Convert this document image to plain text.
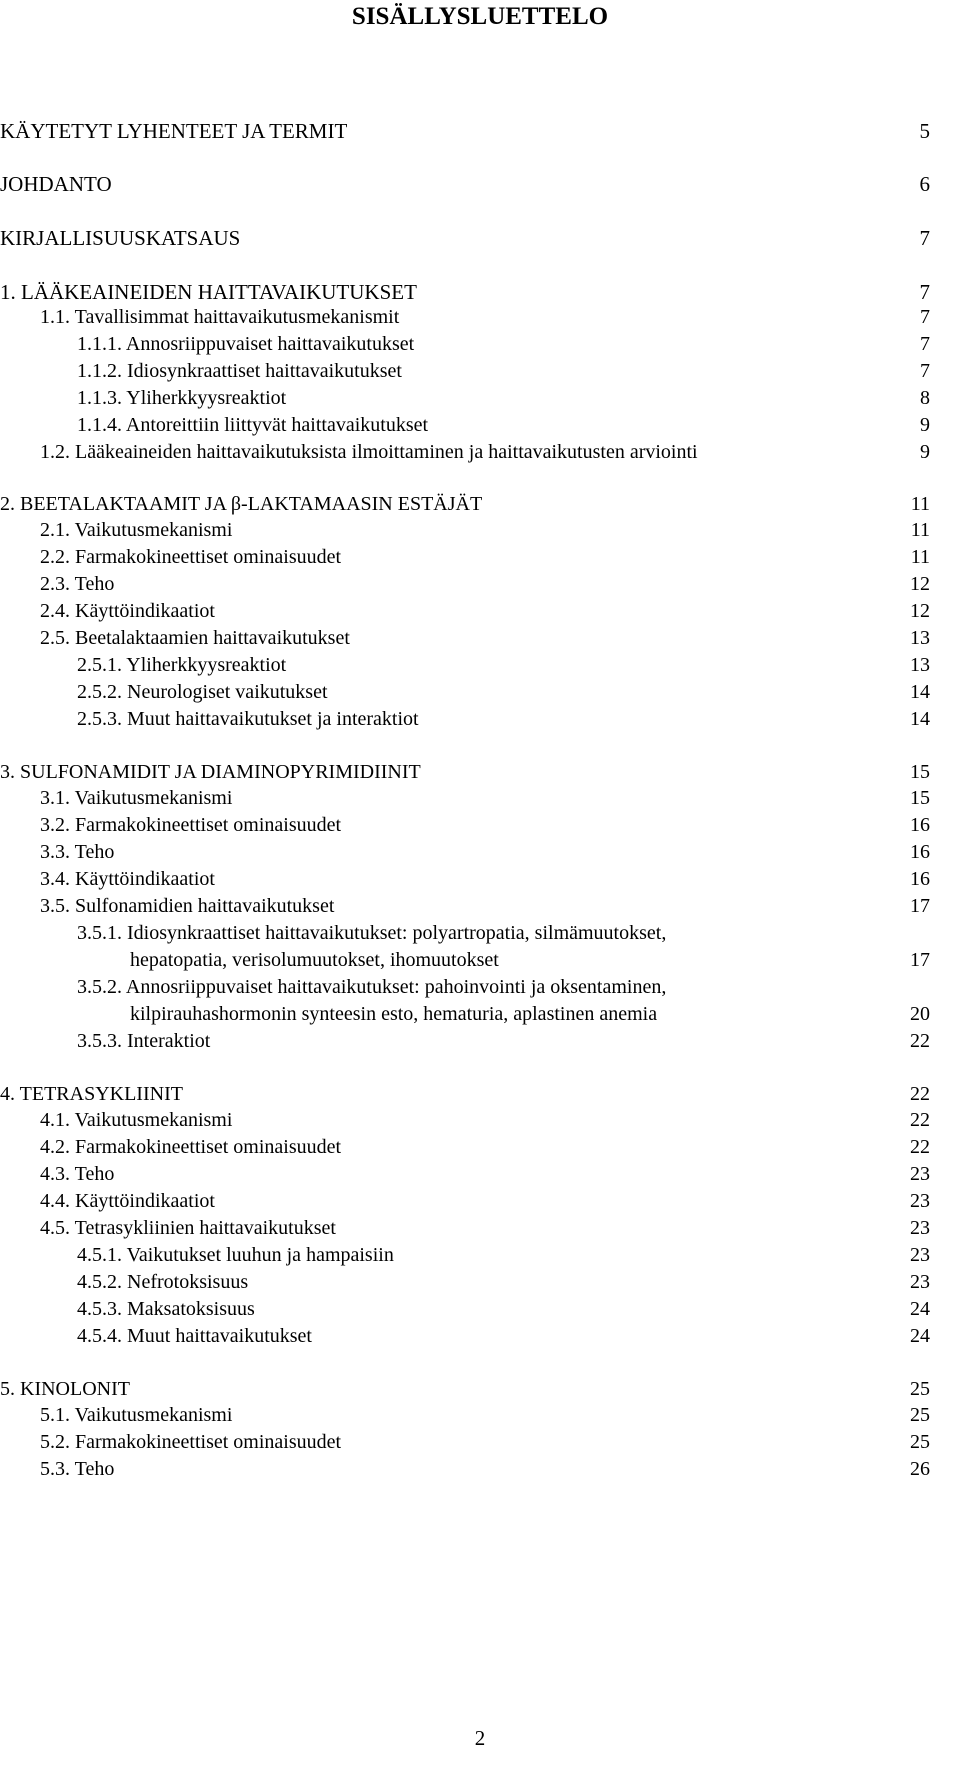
SISÄLLYSLUETTELO
KÄYTETYT LYHENTEET JA TERMIT	5
JOHDANTO	6
KIRJALLISUUSKATSAUS	7
1. LÄÄKEAINEIDEN HAITTAVAIKUTUKSET	7
1.1. Tavallisimmat haittavaikutusmekanismit	7
1.1.1. Annosriippuvaiset haittavaikutukset	7
1.1.2. Idiosynkraattiset haittavaikutukset	7
1.1.3. Yliherkkyysreaktiot	8
1.1.4. Antoreittiin liittyvät haittavaikutukset	9
1.2. Lääkeaineiden haittavaikutuksista ilmoittaminen ja haittavaikutusten arviointi	9
2. BEETALAKTAAMIT JA β-LAKTAMAASIN ESTÄJÄT	11
2.1. Vaikutusmekanismi	11
2.2. Farmakokineettiset ominaisuudet	11
2.3. Teho	12
2.4. Käyttöindikaatiot	12
2.5. Beetalaktaamien haittavaikutukset	13
2.5.1. Yliherkkyysreaktiot	13
2.5.2. Neurologiset vaikutukset	14
2.5.3. Muut haittavaikutukset ja interaktiot	14
3. SULFONAMIDIT JA DIAMINOPYRIMIDIINIT	15
3.1. Vaikutusmekanismi	15
3.2. Farmakokineettiset ominaisuudet	16
3.3. Teho	16
3.4. Käyttöindikaatiot	16
3.5. Sulfonamidien haittavaikutukset	17
3.5.1. Idiosynkraattiset haittavaikutukset: polyartropatia, silmämuutokset,
hepatopatia, verisolumuutokset, ihomuutokset	17
3.5.2. Annosriippuvaiset haittavaikutukset: pahoinvointi ja oksentaminen,
kilpirauhashormonin synteesin esto, hematuria, aplastinen anemia	20
3.5.3. Interaktiot	22
4. TETRASYKLIINIT	22
4.1. Vaikutusmekanismi	22
4.2. Farmakokineettiset ominaisuudet	22
4.3. Teho	23
4.4. Käyttöindikaatiot	23
4.5. Tetrasykliinien haittavaikutukset	23
4.5.1. Vaikutukset luuhun ja hampaisiin	23
4.5.2. Nefrotoksisuus	23
4.5.3. Maksatoksisuus	24
4.5.4. Muut haittavaikutukset	24
5. KINOLONIT	25
5.1. Vaikutusmekanismi	25
5.2. Farmakokineettiset ominaisuudet	25
5.3. Teho	26
2
